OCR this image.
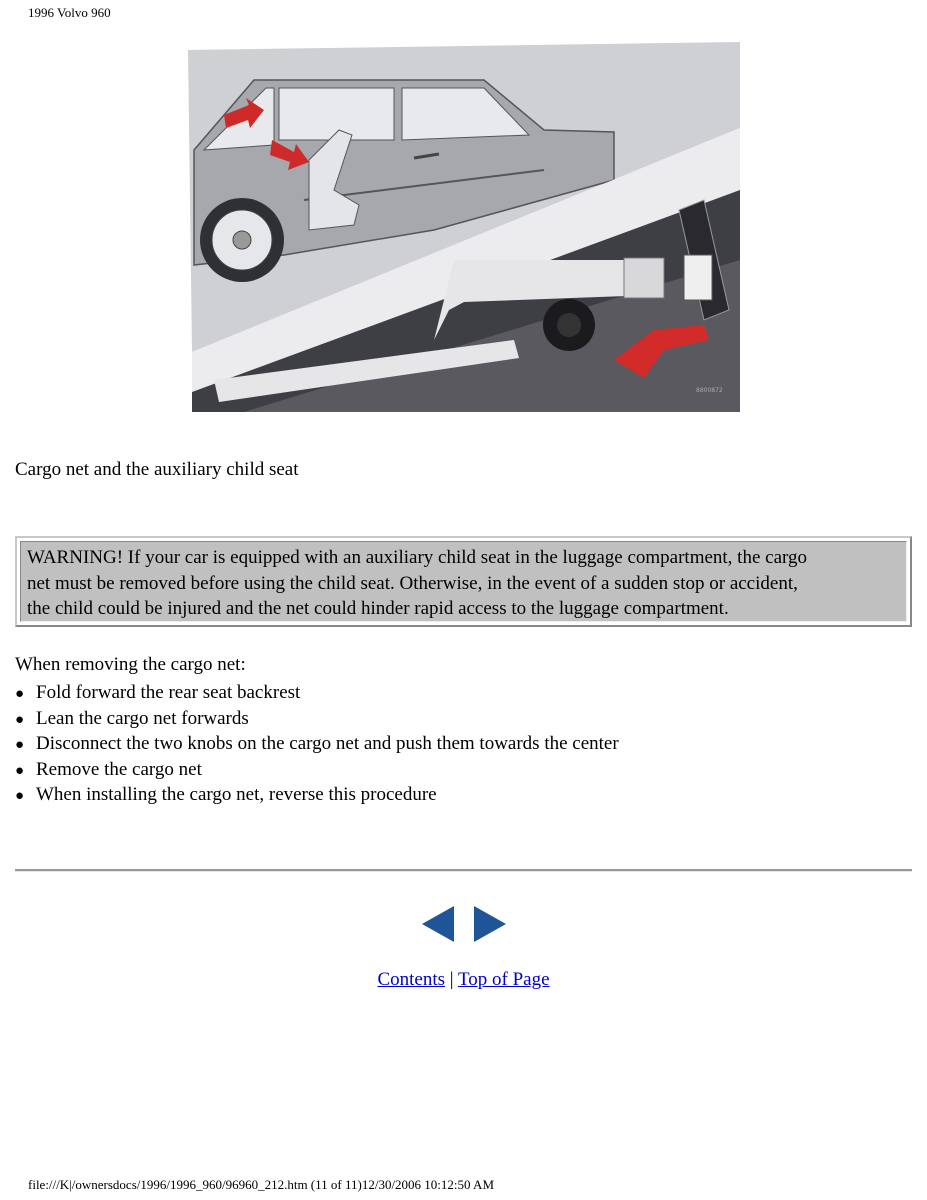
1996 Volvo 960
8800872
Cargo net and the auxiliary child seat
WARNING! If your car is equipped with an auxiliary child seat in the luggage compartment, the cargo
net must be removed before using the child seat. Otherwise, in the event of a sudden stop or accident,
the child could be injured and the net could hinder rapid access to the luggage compartment.
When removing the cargo net:
● Fold forward the rear seat backrest
● Lean the cargo net forwards
● Disconnect the two knobs on the cargo net and push them towards the center
● Remove the cargo net
● When installing the cargo net, reverse this procedure
Contents | Top of Page
file:///K|/ownersdocs/1996/1996_960/96960_212.htm (11 of 11)12/30/2006 10:12:50 AM
